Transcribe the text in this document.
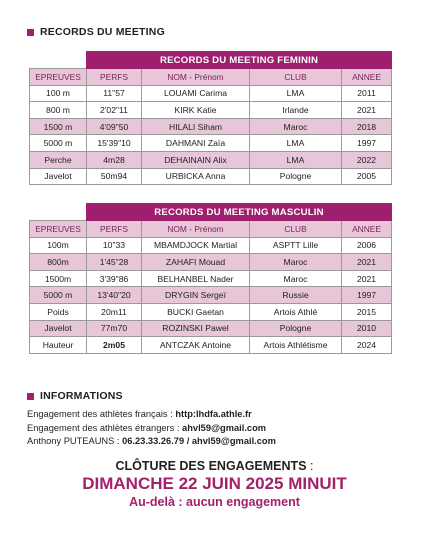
RECORDS DU MEETING
	RECORDS DU MEETING FEMININ			
EPREUVES	PERFS	NOM - Prénom	CLUB	ANNEE
100 m	11"57	LOUAMI Carima	LMA	2011
800 m	2'02"11	KIRK Katie	Irlande	2021
1500 m	4'09"50	HILALI Siham	Maroc	2018
5000 m	15'39"10	DAHMANI Zaïa	LMA	1997
Perche	4m28	DEHAINAIN Alix	LMA	2022
Javelot	50m94	URBICKA Anna	Pologne	2005
	RECORDS DU MEETING MASCULIN			
EPREUVES	PERFS	NOM - Prénom	CLUB	ANNEE
100m	10"33	MBAMDJOCK Martial	ASPTT Lille	2006
800m	1'45"28	ZAHAFI Mouad	Maroc	2021
1500m	3'39"86	BELHANBEL Nader	Maroc	2021
5000 m	13'40"20	DRYGIN Sergeï	Russie	1997
Poids	20m11	BUCKI Gaetan	Artois Athlé	2015
Javelot	77m70	ROZINSKI Pawel	Pologne	2010
Hauteur	2m05	ANTCZAK Antoine	Artois Athlétisme	2024
INFORMATIONS
Engagement des athlètes français : http:lhdfa.athle.fr
Engagement des athlètes étrangers : ahvl59@gmail.com
Anthony PUTEAUNS : 06.23.33.26.79 / ahvl59@gmail.com
CLÔTURE DES ENGAGEMENTS :
DIMANCHE 22 JUIN 2025 MINUIT
Au-delà : aucun engagement
